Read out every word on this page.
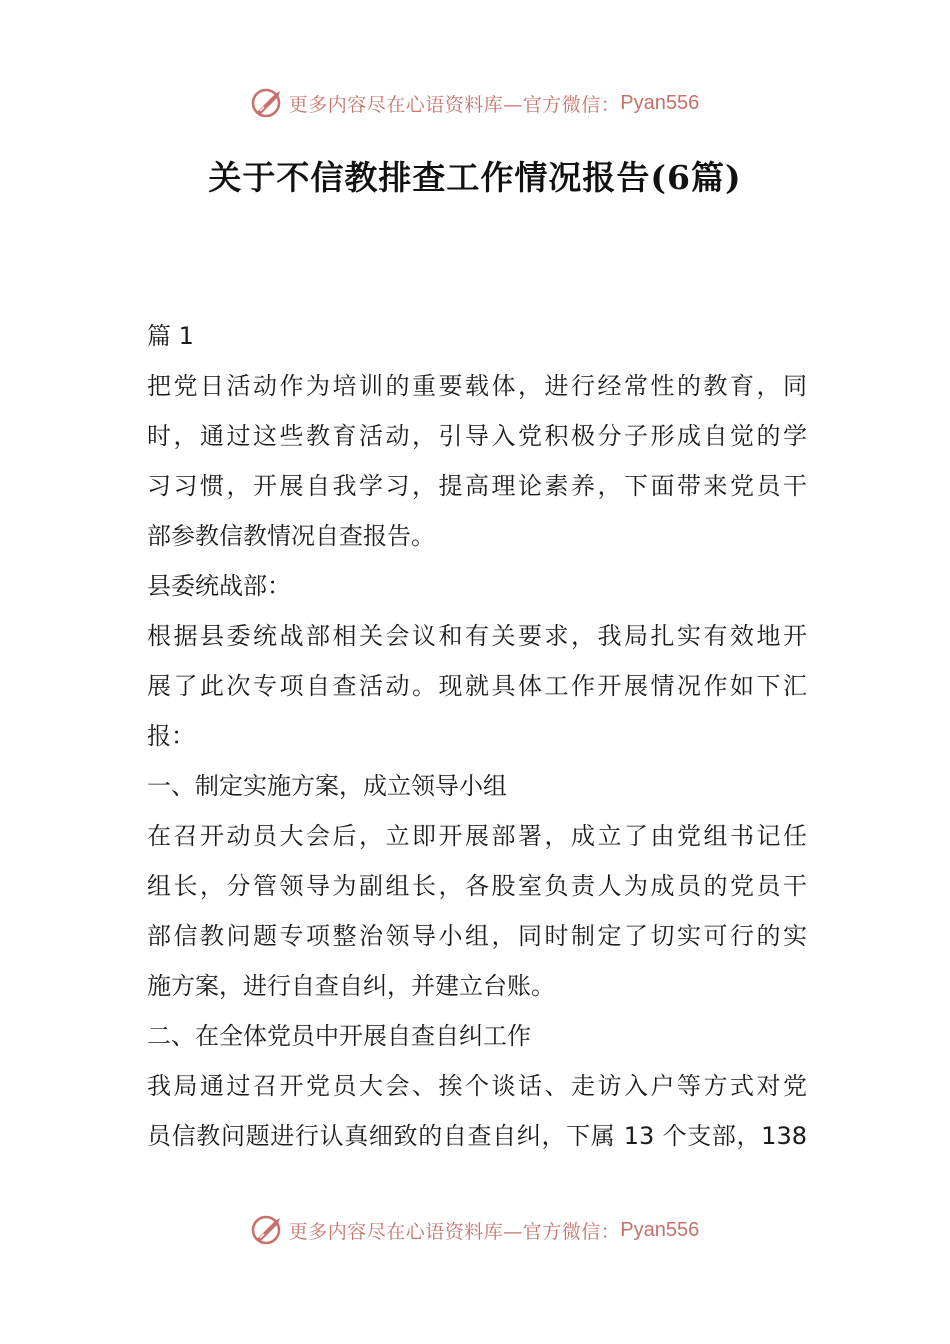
更多内容尽在心语资料库—官方微信： Pyan556
关于不信教排查工作情况报告(6篇)
篇 1
把党日活动作为培训的重要载体，进行经常性的教育，同
时，通过这些教育活动，引导入党积极分子形成自觉的学
习习惯，开展自我学习，提高理论素养，下面带来党员干
部参教信教情况自查报告。
县委统战部：
根据县委统战部相关会议和有关要求，我局扎实有效地开
展了此次专项自查活动。现就具体工作开展情况作如下汇
报：
一、制定实施方案，成立领导小组
在召开动员大会后，立即开展部署，成立了由党组书记任
组长，分管领导为副组长，各股室负责人为成员的党员干
部信教问题专项整治领导小组，同时制定了切实可行的实
施方案，进行自查自纠，并建立台账。
二、在全体党员中开展自查自纠工作
我局通过召开党员大会、挨个谈话、走访入户等方式对党
员信教问题进行认真细致的自查自纠，下属 13 个支部，138
更多内容尽在心语资料库—官方微信： Pyan556
